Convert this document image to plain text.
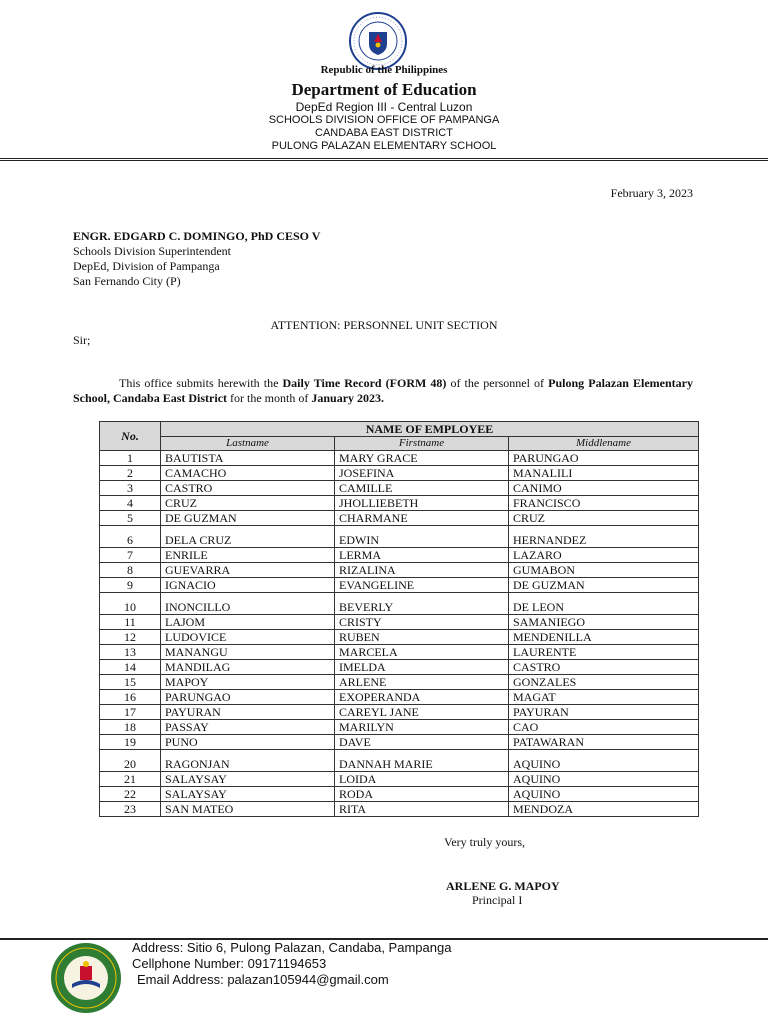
Republic of the Philippines
Department of Education
DepEd Region III - Central Luzon
SCHOOLS DIVISION OFFICE OF PAMPANGA
CANDABA EAST DISTRICT
PULONG PALAZAN ELEMENTARY SCHOOL
February 3, 2023
ENGR. EDGARD C. DOMINGO, PhD CESO V
Schools Division Superintendent
DepEd, Division of Pampanga
San Fernando City (P)
ATTENTION: PERSONNEL UNIT SECTION
Sir;
This office submits herewith the Daily Time Record (FORM 48) of the personnel of Pulong Palazan Elementary School, Candaba East District for the month of January 2023.
No.	NAME OF EMPLOYEE		
	Lastname	Firstname	Middlename
1	BAUTISTA	MARY GRACE	PARUNGAO
2	CAMACHO	JOSEFINA	MANALILI
3	CASTRO	CAMILLE	CANIMO
4	CRUZ	JHOLLIEBETH	FRANCISCO
5	DE GUZMAN	CHARMANE	CRUZ
6	DELA CRUZ	EDWIN	HERNANDEZ
7	ENRILE	LERMA	LAZARO
8	GUEVARRA	RIZALINA	GUMABON
9	IGNACIO	EVANGELINE	DE GUZMAN
10	INONCILLO	BEVERLY	DE LEON
11	LAJOM	CRISTY	SAMANIEGO
12	LUDOVICE	RUBEN	MENDENILLA
13	MANANGU	MARCELA	LAURENTE
14	MANDILAG	IMELDA	CASTRO
15	MAPOY	ARLENE	GONZALES
16	PARUNGAO	EXOPERANDA	MAGAT
17	PAYURAN	CAREYL JANE	PAYURAN
18	PASSAY	MARILYN	CAO
19	PUNO	DAVE	PATAWARAN
20	RAGONJAN	DANNAH MARIE	AQUINO
21	SALAYSAY	LOIDA	AQUINO
22	SALAYSAY	RODA	AQUINO
23	SAN MATEO	RITA	MENDOZA
Very truly yours,
ARLENE G. MAPOY
Principal I
Address: Sitio 6, Pulong Palazan, Candaba, Pampanga
Cellphone Number: 09171194653
Email Address: palazan105944@gmail.com
